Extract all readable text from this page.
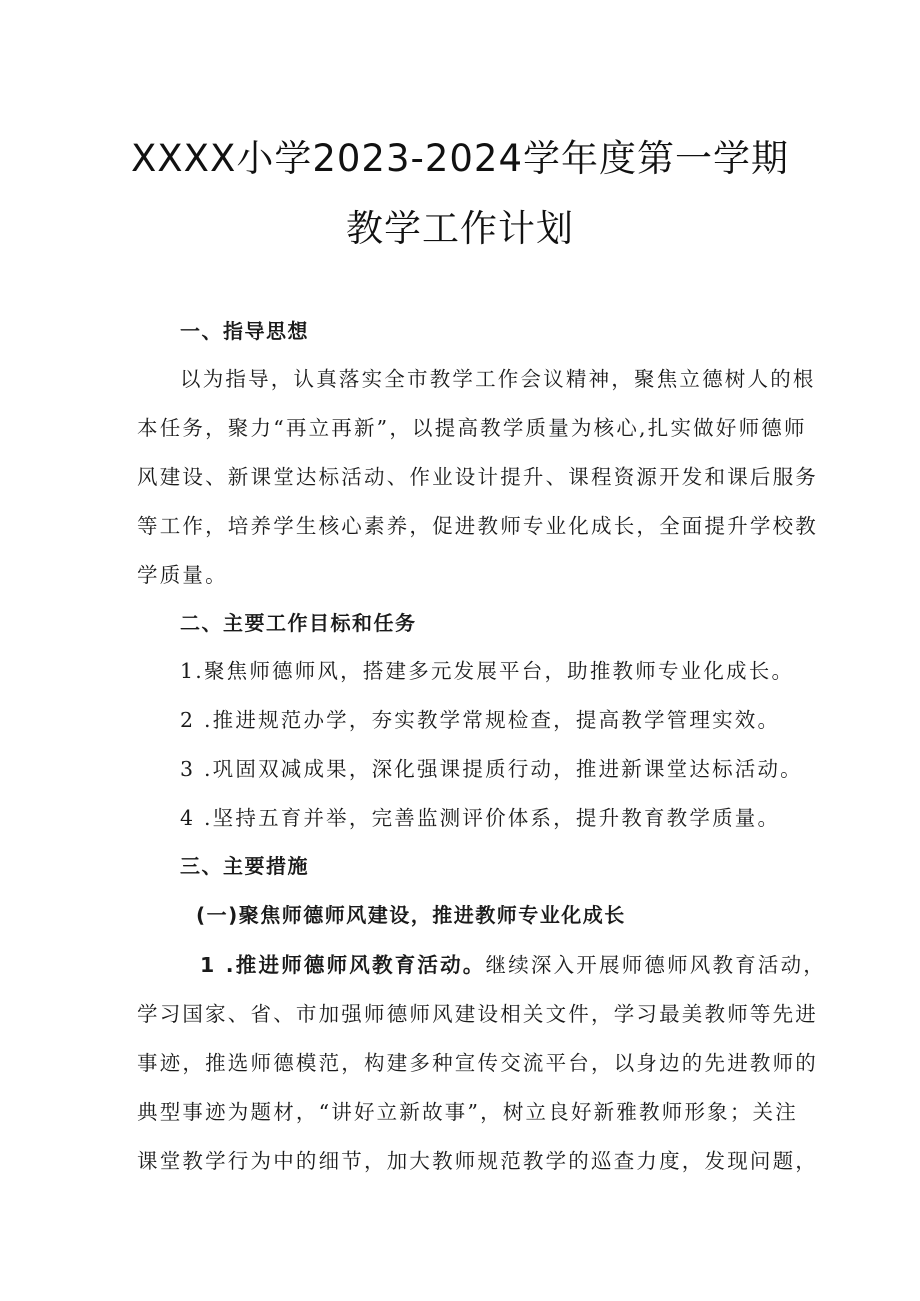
XXXX小学2023-2024学年度第一学期
教学工作计划
一、指导思想
以为指导，认真落实全市教学工作会议精神，聚焦立德树人的根
本任务，聚力“再立再新”，以提高教学质量为核心,扎实做好师德师
风建设、新课堂达标活动、作业设计提升、课程资源开发和课后服务
等工作，培养学生核心素养，促进教师专业化成长，全面提升学校教
学质量。
二、主要工作目标和任务
1.聚焦师德师风，搭建多元发展平台，助推教师专业化成长。
2 .推进规范办学，夯实教学常规检查，提高教学管理实效。
3 .巩固双减成果，深化强课提质行动，推进新课堂达标活动。
4 .坚持五育并举，完善监测评价体系，提升教育教学质量。
三、主要措施
(一)聚焦师德师风建设，推进教师专业化成长
1 .推进师德师风教育活动。继续深入开展师德师风教育活动，
学习国家、省、市加强师德师风建设相关文件，学习最美教师等先进
事迹，推选师德模范，构建多种宣传交流平台，以身边的先进教师的
典型事迹为题材，“讲好立新故事”，树立良好新雅教师形象；关注
课堂教学行为中的细节，加大教师规范教学的巡查力度，发现问题，
